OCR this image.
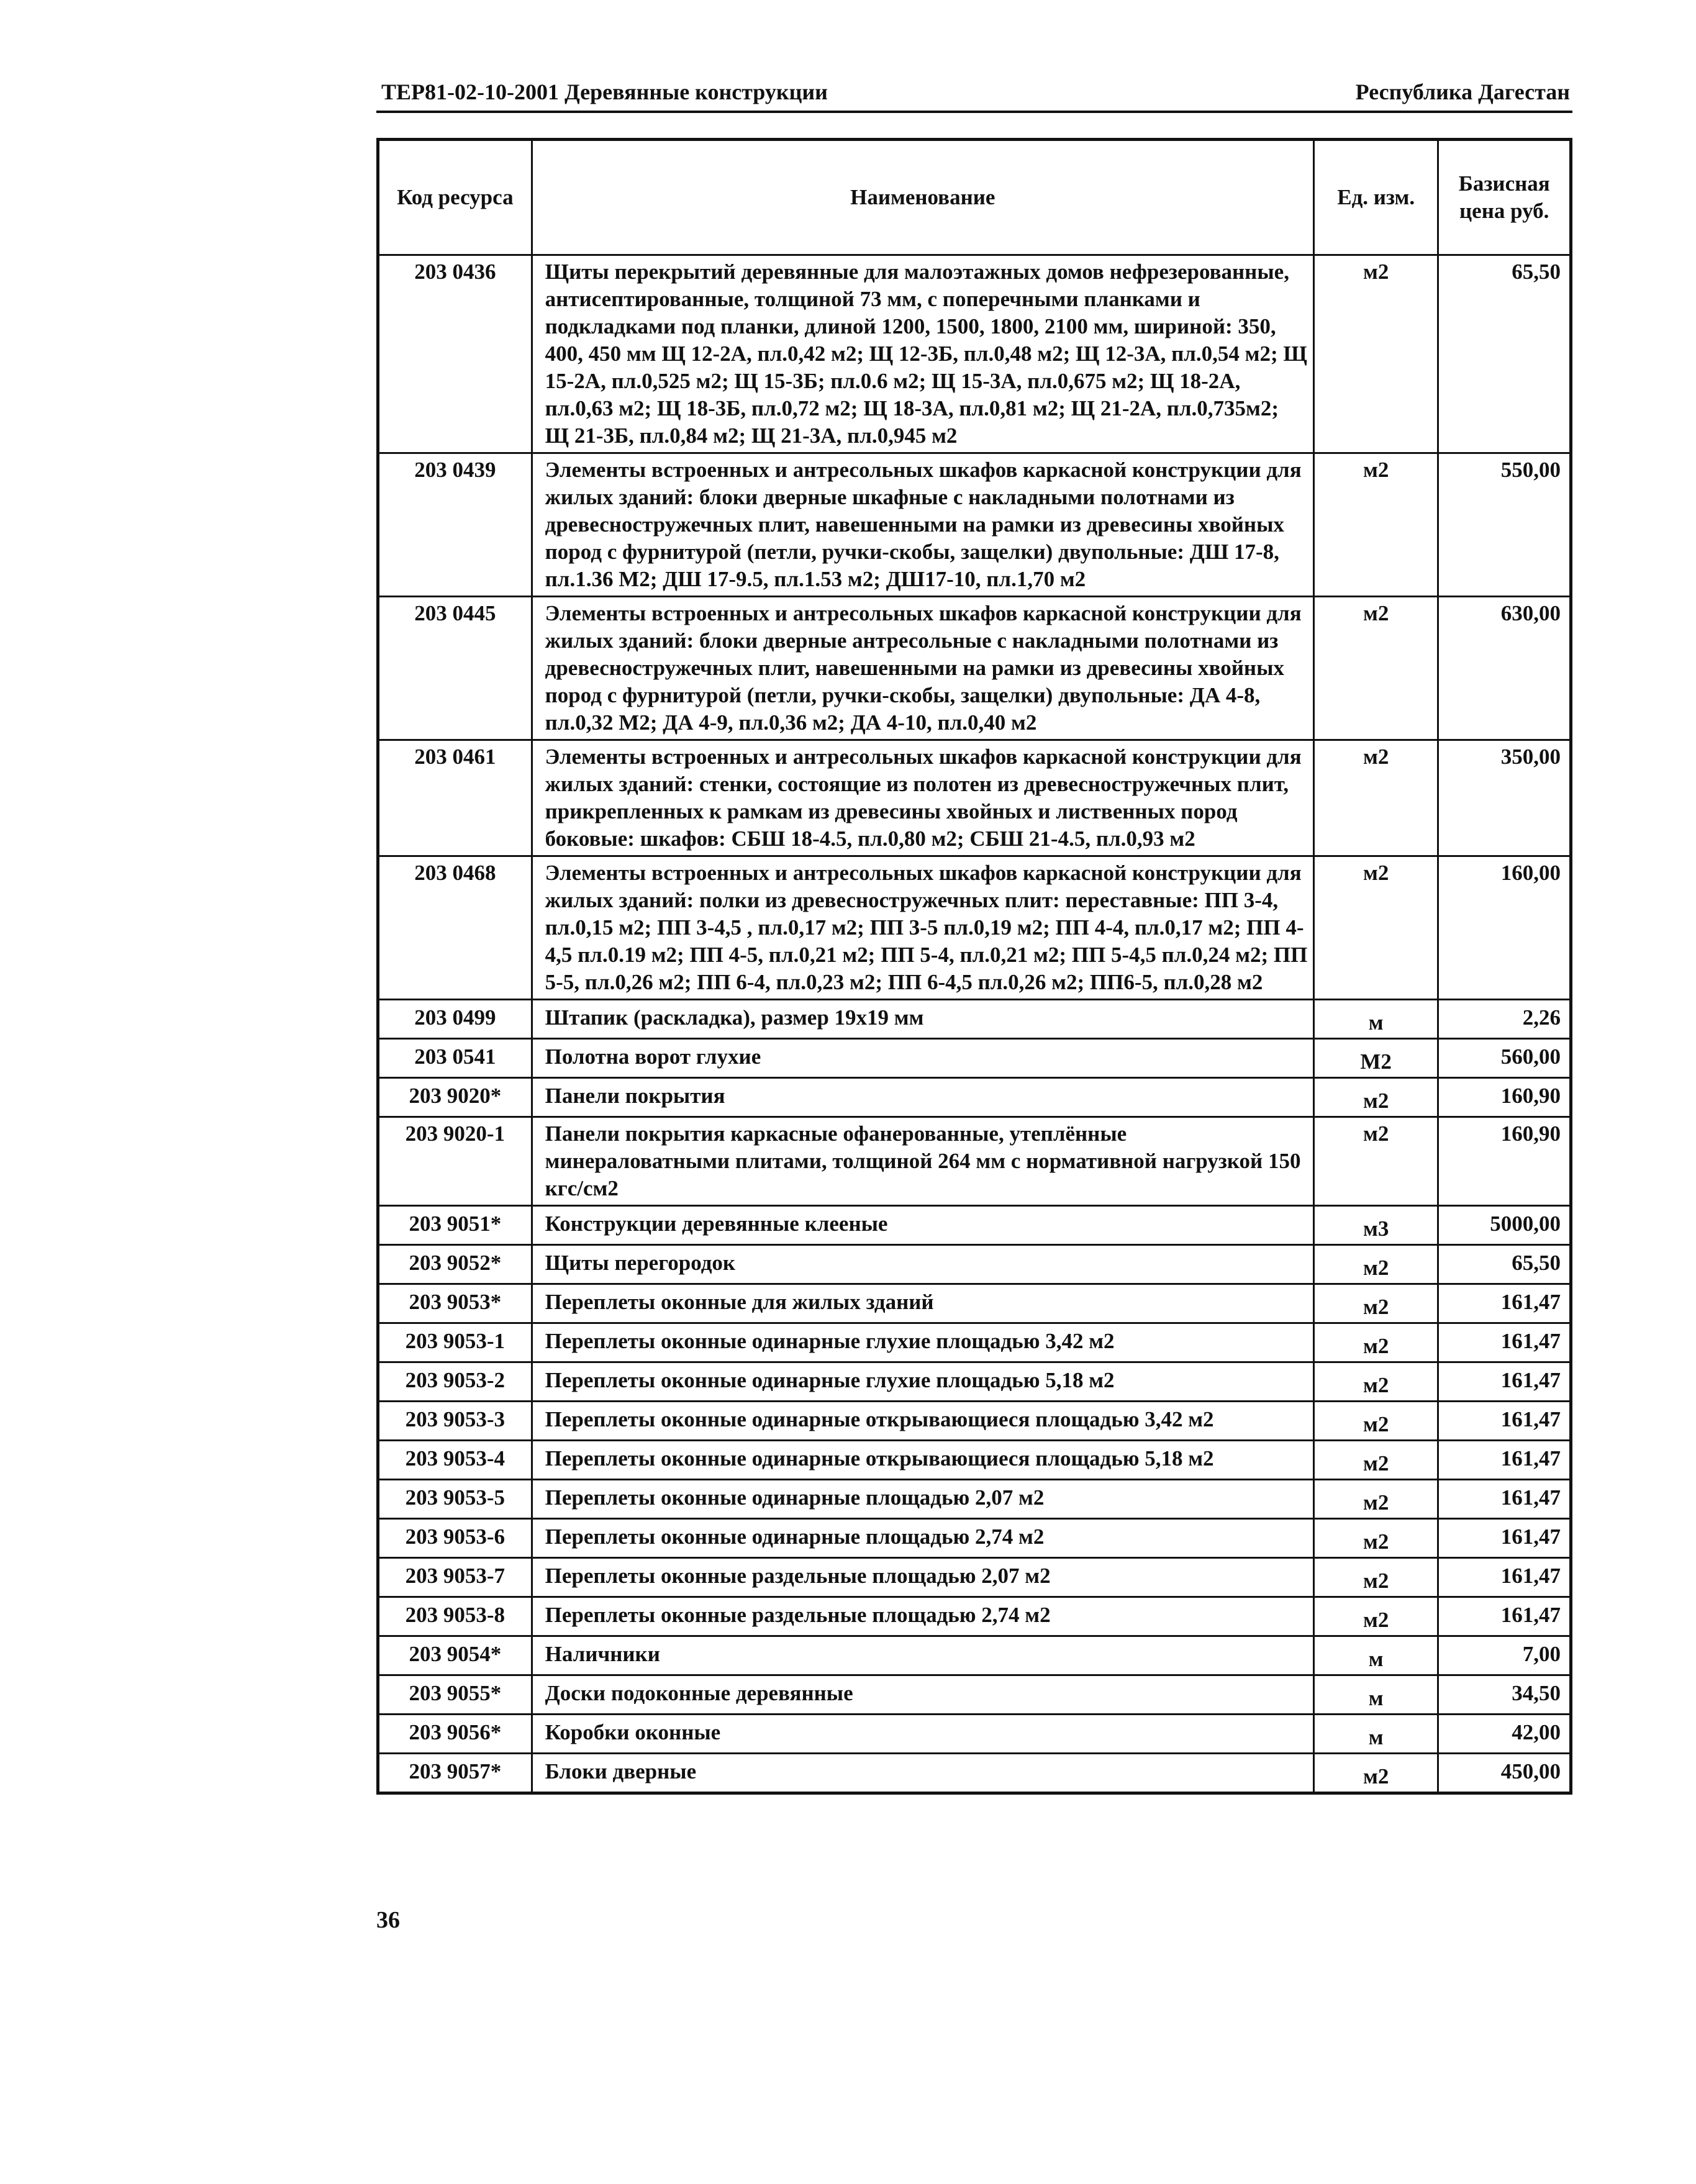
ТЕР81-02-10-2001 Деревянные конструкции	Республика Дагестан
Код ресурса	Наименование	Ед. изм.	Базисная цена руб.
203 0436	Щиты перекрытий деревянные для малоэтажных домов нефрезерованные, антисептированные, толщиной 73 мм, с поперечными планками и подкладками под планки, длиной 1200, 1500, 1800, 2100 мм, шириной: 350, 400, 450 мм Щ 12-2А, пл.0,42 м2; Щ 12-3Б, пл.0,48 м2; Щ 12-3А, пл.0,54 м2; Щ 15-2А, пл.0,525 м2; Щ 15-3Б; пл.0.6 м2; Щ 15-3А, пл.0,675 м2; Щ 18-2А, пл.0,63 м2; Щ 18-3Б, пл.0,72 м2; Щ 18-3А, пл.0,81 м2; Щ 21-2А, пл.0,735м2; Щ 21-3Б, пл.0,84 м2; Щ 21-3А, пл.0,945 м2	м2	65,50
203 0439	Элементы встроенных и антресольных шкафов каркасной конструкции для жилых зданий: блоки дверные шкафные с накладными полотнами из древесностружечных плит, навешенными на рамки из древесины хвойных пород с фурнитурой (петли, ручки-скобы, защелки) двупольные: ДШ 17-8, пл.1.36 М2; ДШ 17-9.5, пл.1.53 м2; ДШ17-10, пл.1,70 м2	м2	550,00
203 0445	Элементы встроенных и антресольных шкафов каркасной конструкции для жилых зданий: блоки дверные антресольные с накладными полотнами из древесностружечных плит, навешенными на рамки из древесины хвойных пород с фурнитурой (петли, ручки-скобы, защелки) двупольные: ДА 4-8, пл.0,32 М2; ДА 4-9, пл.0,36 м2; ДА 4-10, пл.0,40 м2	м2	630,00
203 0461	Элементы встроенных и антресольных шкафов каркасной конструкции для жилых зданий: стенки, состоящие из полотен из древесностружечных плит, прикрепленных к рамкам из древесины хвойных и лиственных пород боковые: шкафов: СБШ 18-4.5, пл.0,80 м2; СБШ 21-4.5, пл.0,93 м2	м2	350,00
203 0468	Элементы встроенных и антресольных шкафов каркасной конструкции для жилых зданий: полки из древесностружечных плит: переставные: ПП 3-4, пл.0,15 м2; ПП 3-4,5 , пл.0,17 м2; ПП 3-5 пл.0,19 м2; ПП 4-4, пл.0,17 м2; ПП 4-4,5 пл.0.19 м2; ПП 4-5, пл.0,21 м2; ПП 5-4, пл.0,21 м2; ПП 5-4,5 пл.0,24 м2; ПП 5-5, пл.0,26 м2; ПП 6-4, пл.0,23 м2; ПП 6-4,5 пл.0,26 м2; ПП6-5, пл.0,28 м2	м2	160,00
203 0499	Штапик (раскладка), размер 19х19 мм	м	2,26
203 0541	Полотна ворот глухие	М2	560,00
203 9020*	Панели покрытия	м2	160,90
203 9020-1	Панели покрытия каркасные офанерованные, утеплённые минераловатными плитами, толщиной 264 мм с нормативной нагрузкой 150 кгс/см2	м2	160,90
203 9051*	Конструкции деревянные клееные	м3	5000,00
203 9052*	Щиты перегородок	м2	65,50
203 9053*	Переплеты оконные для жилых зданий	м2	161,47
203 9053-1	Переплеты оконные одинарные глухие площадью 3,42 м2	м2	161,47
203 9053-2	Переплеты оконные одинарные глухие площадью 5,18 м2	м2	161,47
203 9053-3	Переплеты оконные одинарные открывающиеся площадью 3,42 м2	м2	161,47
203 9053-4	Переплеты оконные одинарные открывающиеся площадью 5,18 м2	м2	161,47
203 9053-5	Переплеты оконные одинарные площадью 2,07 м2	м2	161,47
203 9053-6	Переплеты оконные одинарные площадью 2,74 м2	м2	161,47
203 9053-7	Переплеты оконные раздельные площадью 2,07 м2	м2	161,47
203 9053-8	Переплеты оконные раздельные площадью 2,74 м2	м2	161,47
203 9054*	Наличники	м	7,00
203 9055*	Доски подоконные деревянные	м	34,50
203 9056*	Коробки оконные	м	42,00
203 9057*	Блоки дверные	м2	450,00
36
